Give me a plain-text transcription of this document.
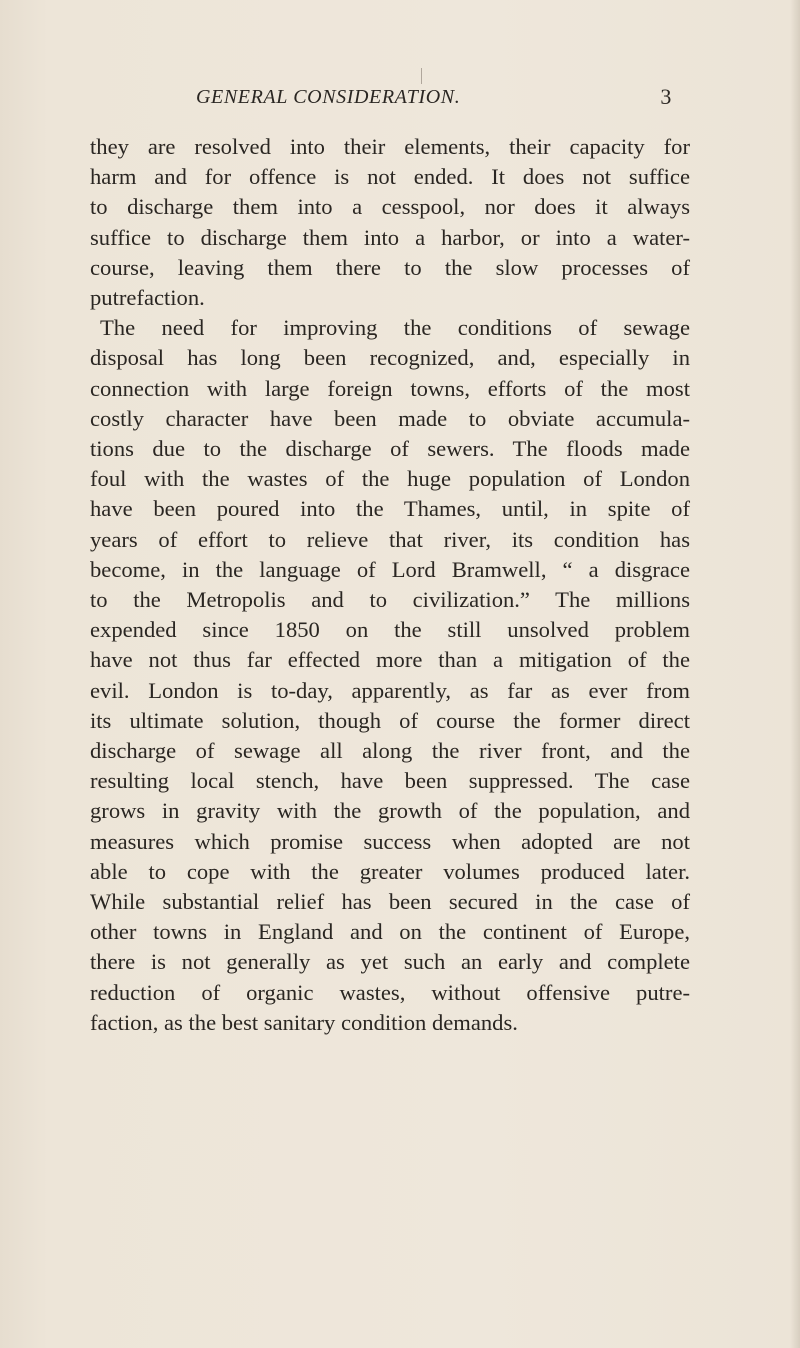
GENERAL CONSIDERATION.	3
they are resolved into their elements, their capacity for
harm and for offence is not ended. It does not suffice
to discharge them into a cesspool, nor does it always
suffice to discharge them into a harbor, or into a water-
course, leaving them there to the slow processes of
putrefaction.
The need for improving the conditions of sewage
disposal has long been recognized, and, especially in
connection with large foreign towns, efforts of the most
costly character have been made to obviate accumula-
tions due to the discharge of sewers. The floods made
foul with the wastes of the huge population of London
have been poured into the Thames, until, in spite of
years of effort to relieve that river, its condition has
become, in the language of Lord Bramwell, “ a disgrace
to the Metropolis and to civilization.” The millions
expended since 1850 on the still unsolved problem
have not thus far effected more than a mitigation of the
evil. London is to-day, apparently, as far as ever from
its ultimate solution, though of course the former direct
discharge of sewage all along the river front, and the
resulting local stench, have been suppressed. The case
grows in gravity with the growth of the population, and
measures which promise success when adopted are not
able to cope with the greater volumes produced later.
While substantial relief has been secured in the case of
other towns in England and on the continent of Europe,
there is not generally as yet such an early and complete
reduction of organic wastes, without offensive putre-
faction, as the best sanitary condition demands.
